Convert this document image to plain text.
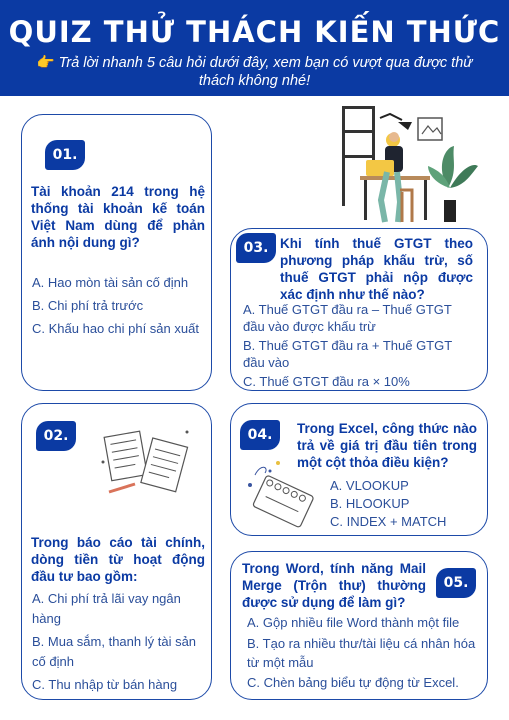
QUIZ THỬ THÁCH KIẾN THỨC
👉 Trả lời nhanh 5 câu hỏi dưới đây, xem bạn có vượt qua được thử thách không nhé!
01.
Tài khoản 214 trong hệ thống tài khoản kế toán Việt Nam dùng để phản ánh nội dung gì?
A. Hao mòn tài sản cố định
B. Chi phí trả trước
C. Khấu hao chi phí sản xuất
03. Khi tính thuế GTGT theo phương pháp khấu trừ, số thuế GTGT phải nộp được xác định như thế nào?
A. Thuế GTGT đầu ra – Thuế GTGT đầu vào được khấu trừ
B. Thuế GTGT đầu ra + Thuế GTGT đầu vào
C. Thuế GTGT đầu ra × 10%
02.
Trong báo cáo tài chính, dòng tiền từ hoạt động đầu tư bao gồm:
A. Chi phí trả lãi vay ngân hàng
B. Mua sắm, thanh lý tài sản cố định
C. Thu nhập từ bán hàng
04.	Trong Excel, công thức nào trả về giá trị đầu tiên trong một cột thỏa điều kiện?
A. VLOOKUP
B. HLOOKUP
C. INDEX + MATCH
05.
Trong Word, tính năng Mail Merge (Trộn thư) thường được sử dụng để làm gì?
A. Gộp nhiều file Word thành một file
B. Tạo ra nhiều thư/tài liệu cá nhân hóa từ một mẫu
C. Chèn bảng biểu tự động từ Excel.
